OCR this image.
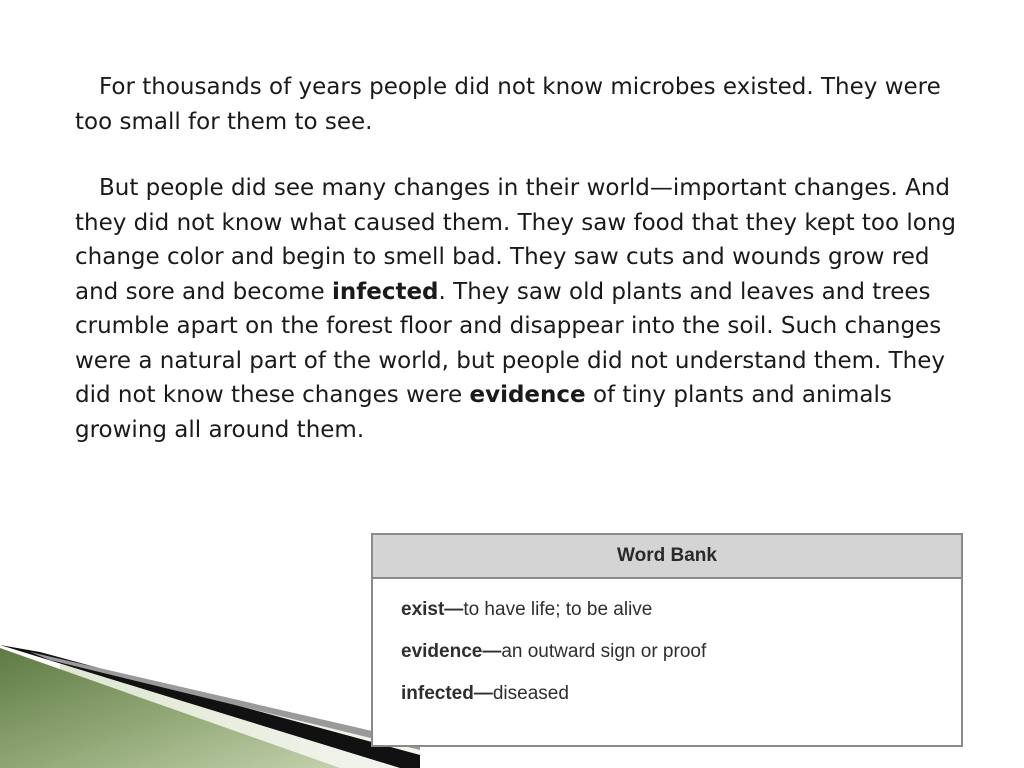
For thousands of years people did not know microbes existed. They were too small for them to see.

But people did see many changes in their world—important changes. And they did not know what caused them. They saw food that they kept too long change color and begin to smell bad. They saw cuts and wounds grow red and sore and become infected. They saw old plants and leaves and trees crumble apart on the forest floor and disappear into the soil. Such changes were a natural part of the world, but people did not understand them. They did not know these changes were evidence of tiny plants and animals growing all around them.

Word Bank
exist—to have life; to be alive
evidence—an outward sign or proof
infected—diseased
